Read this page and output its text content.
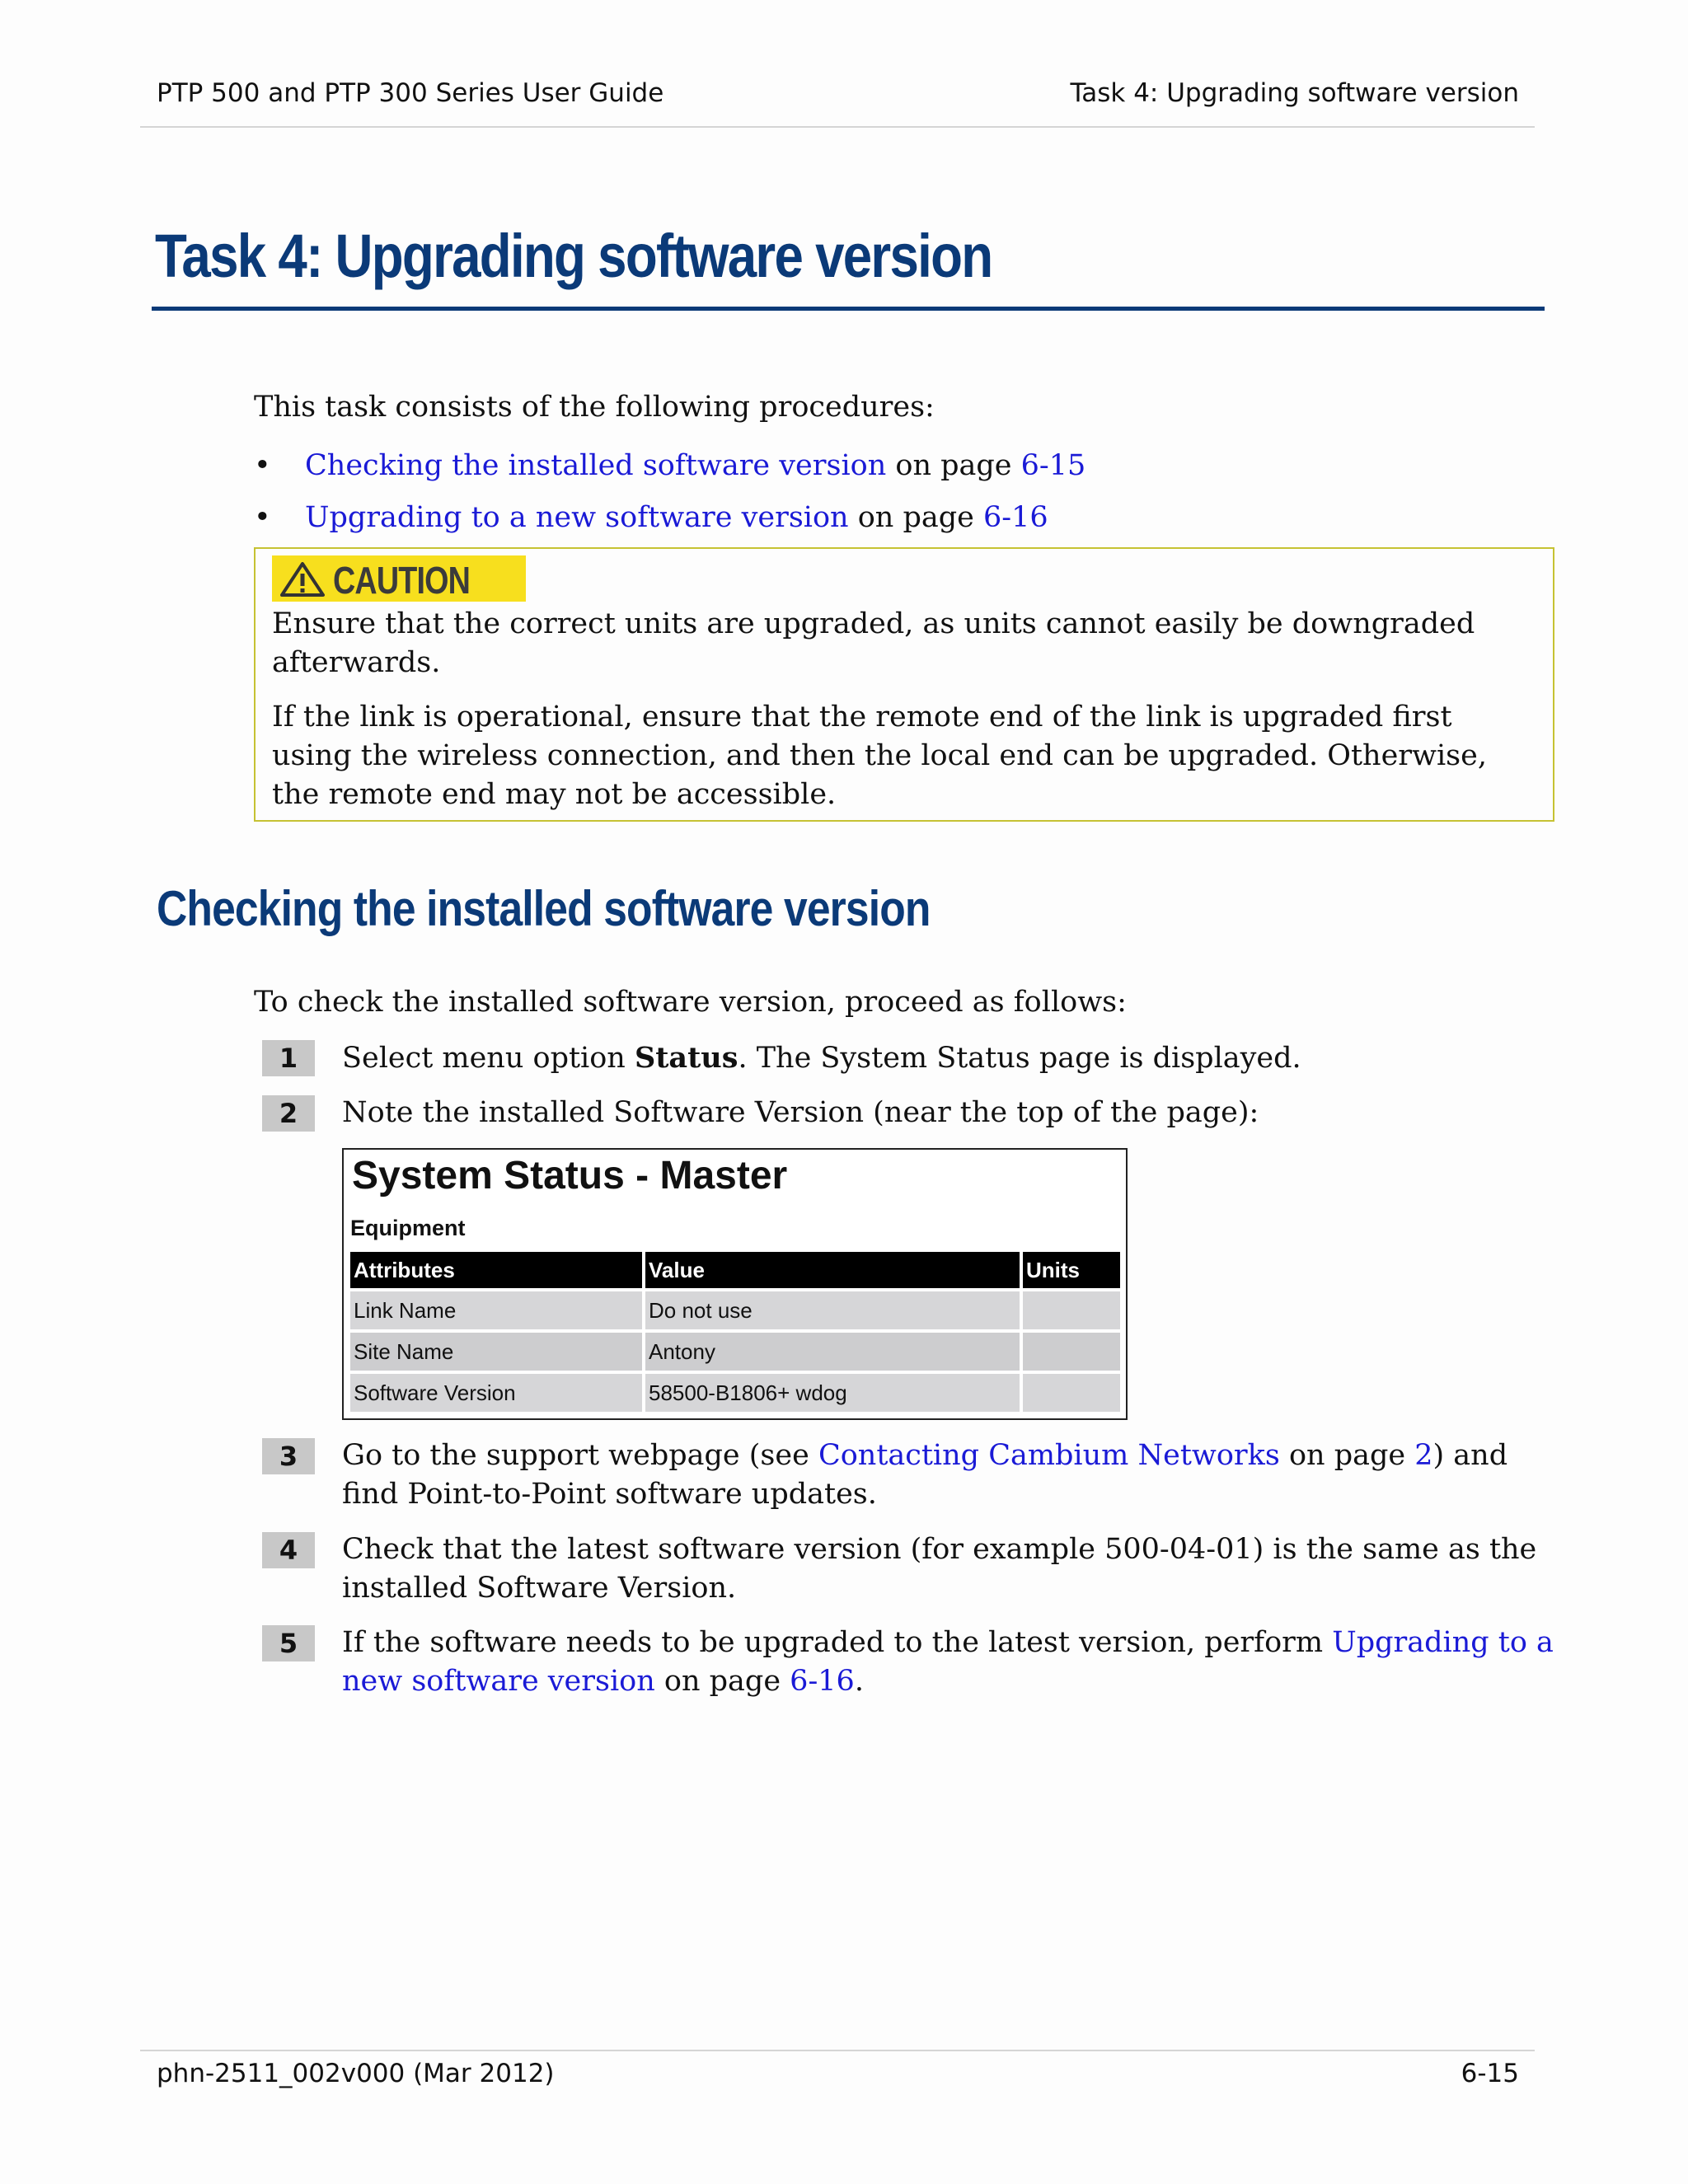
PTP 500 and PTP 300 Series User Guide	Task 4: Upgrading software version
Task 4: Upgrading software version
This task consists of the following procedures:
• Checking the installed software version on page 6-15
• Upgrading to a new software version on page 6-16
CAUTION

Ensure that the correct units are upgraded, as units cannot easily be downgraded afterwards.

If the link is operational, ensure that the remote end of the link is upgraded first using the wireless connection, and then the local end can be upgraded. Otherwise, the remote end may not be accessible.

Checking the installed software version
To check the installed software version, proceed as follows:
1	Select menu option Status. The System Status page is displayed.
2	Note the installed Software Version (near the top of the page):
System Status - Master
Equipment
Attributes	Value	Units
Link Name	Do not use	
Site Name	Antony	
Software Version	58500-B1806+ wdog	
3	Go to the support webpage (see Contacting Cambium Networks on page 2) and find Point-to-Point software updates.
4	Check that the latest software version (for example 500-04-01) is the same as the installed Software Version.
5	If the software needs to be upgraded to the latest version, perform Upgrading to a new software version on page 6-16.
phn-2511_002v000 (Mar 2012)	6-15
